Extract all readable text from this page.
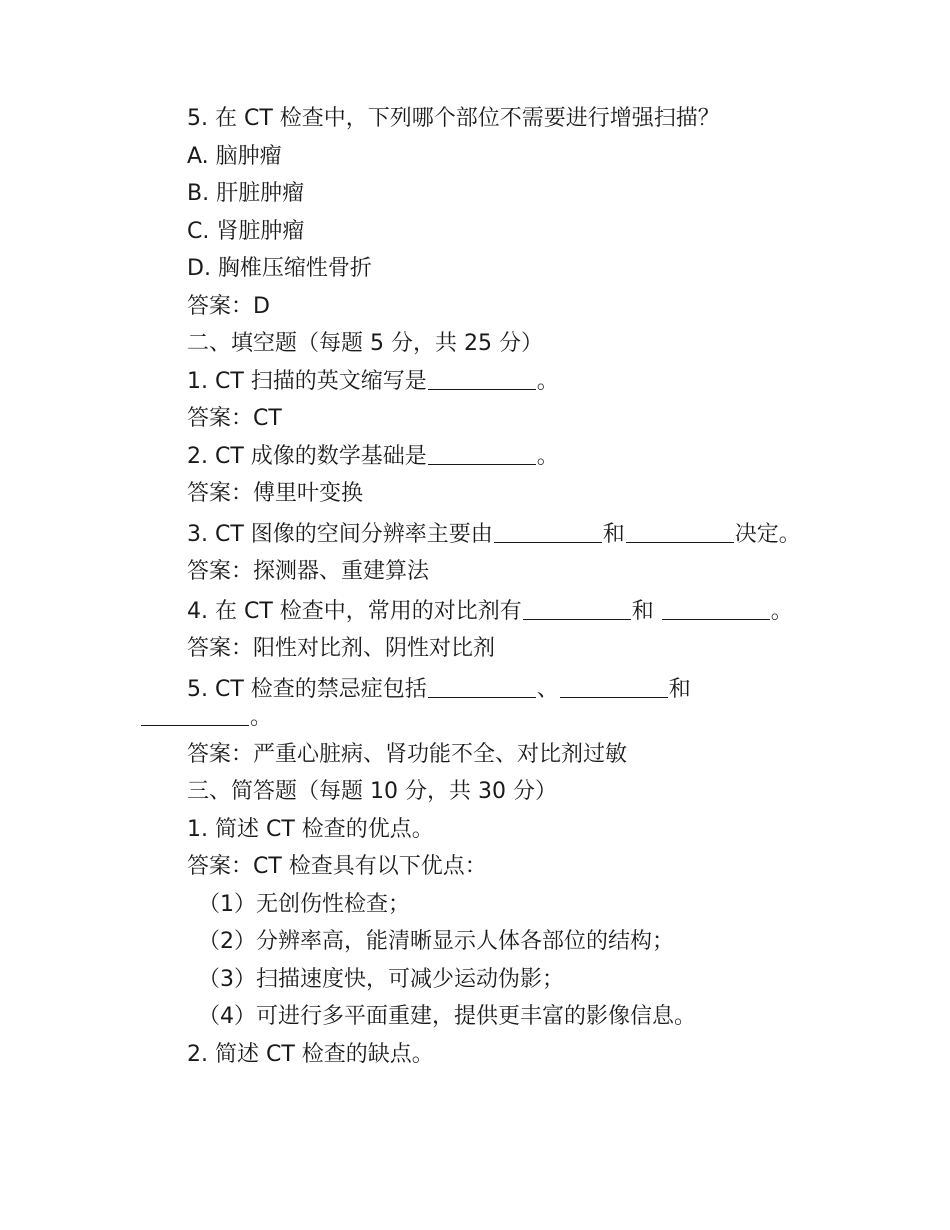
5. 在 CT 检查中，下列哪个部位不需要进行增强扫描？
A. 脑肿瘤
B. 肝脏肿瘤
C. 肾脏肿瘤
D. 胸椎压缩性骨折
答案：D
二、填空题（每题 5 分，共 25 分）
1. CT 扫描的英文缩写是	。
答案：CT
2. CT 成像的数学基础是	。
答案：傅里叶变换
3. CT 图像的空间分辨率主要由	和	决定。
答案：探测器、重建算法
4. 在 CT 检查中，常用的对比剂有	和	。
答案：阳性对比剂、阴性对比剂
5. CT 检查的禁忌症包括	、	和 。
答案：严重心脏病、肾功能不全、对比剂过敏
三、简答题（每题 10 分，共 30 分）
1. 简述 CT 检查的优点。
答案：CT 检查具有以下优点：
（1）无创伤性检查；
（2）分辨率高，能清晰显示人体各部位的结构；
（3）扫描速度快，可减少运动伪影；
（4）可进行多平面重建，提供更丰富的影像信息。
2. 简述 CT 检查的缺点。
